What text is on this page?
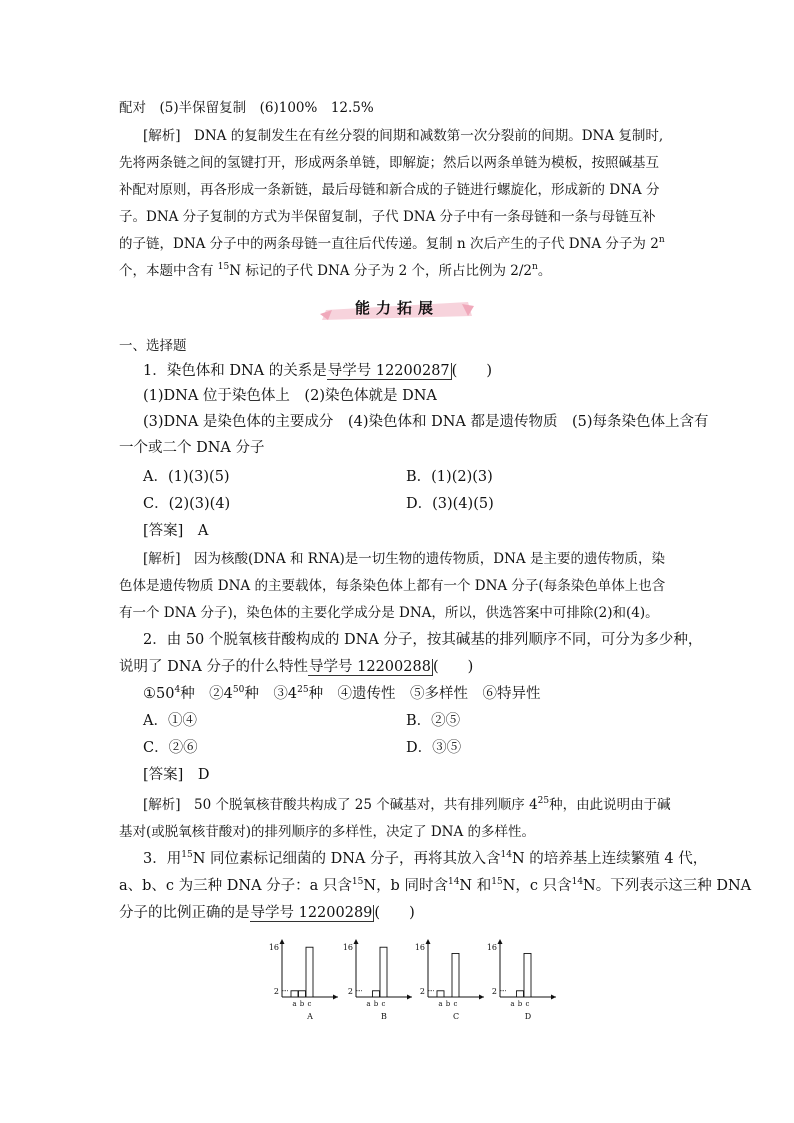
配对　(5)半保留复制　(6)100%　12.5%
[解析]　 DNA 的复制发生在有丝分裂的间期和减数第一次分裂前的间期。DNA 复制时,
先将两条链之间的氢键打开，形成两条单链，即解旋；然后以两条单链为模板，按照碱基互
补配对原则，再各形成一条新链，最后母链和新合成的子链进行螺旋化，形成新的 DNA 分
子。DNA 分子复制的方式为半保留复制，子代 DNA 分子中有一条母链和一条与母链互补
的子链，DNA 分子中的两条母链一直往后代传递。复制 n 次后产生的子代 DNA 分子为 2$^n$
个，本题中含有 $^{15}$N 标记的子代 DNA 分子为 2 个，所占比例为 2/2$^n$。
能力拓展
一、选择题
1．染色体和 DNA 的关系是导学号 12200287 (　　)
(1)DNA 位于染色体上　(2)染色体就是 DNA
(3)DNA 是染色体的主要成分　(4)染色体和 DNA 都是遗传物质　(5)每条染色体上含有
一个或二个 DNA 分子
A．(1)(3)(5)	B．(1)(2)(3)
C．(2)(3)(4)	D．(3)(4)(5)
[答案]　 A
[解析]　 因为核酸(DNA 和 RNA)是一切生物的遗传物质，DNA 是主要的遗传物质，染
色体是遗传物质 DNA 的主要载体，每条染色体上都有一个 DNA 分子(每条染色单体上也含
有一个 DNA 分子)，染色体的主要化学成分是 DNA，所以，供选答案中可排除(2)和(4)。
2．由 50 个脱氧核苷酸构成的 DNA 分子，按其碱基的排列顺序不同，可分为多少种，
说明了 DNA 分子的什么特性导学号 12200288 (　　)
$①50^4$种　$②4^{50}$种　$③4^{25}$种　④遗传性　⑤多样性　⑥特异性
A．①④	B．②⑤
C．②⑥	D．③⑤
[答案]　 D
[解析]　 50 个脱氧核苷酸共构成了 25 个碱基对，共有排列顺序 $4^{25}$种，由此说明由于碱
基对(或脱氧核苷酸对)的排列顺序的多样性，决定了 DNA 的多样性。
3．用$^{15}$N 同位素标记细菌的 DNA 分子，再将其放入含$^{14}$N 的培养基上连续繁殖 4 代，
a、b、c 为三种 DNA 分子：a 只含$^{15}$N，b 同时含$^{14}$N 和$^{15}$N，c 只含$^{14}$N。下列表示这三种 DNA
分子的比例正确的是导学号 12200289 (　　)
2
16
a b c
A
2
16
a b c
B
2
16
a b c
C
2
16
a b c
D
